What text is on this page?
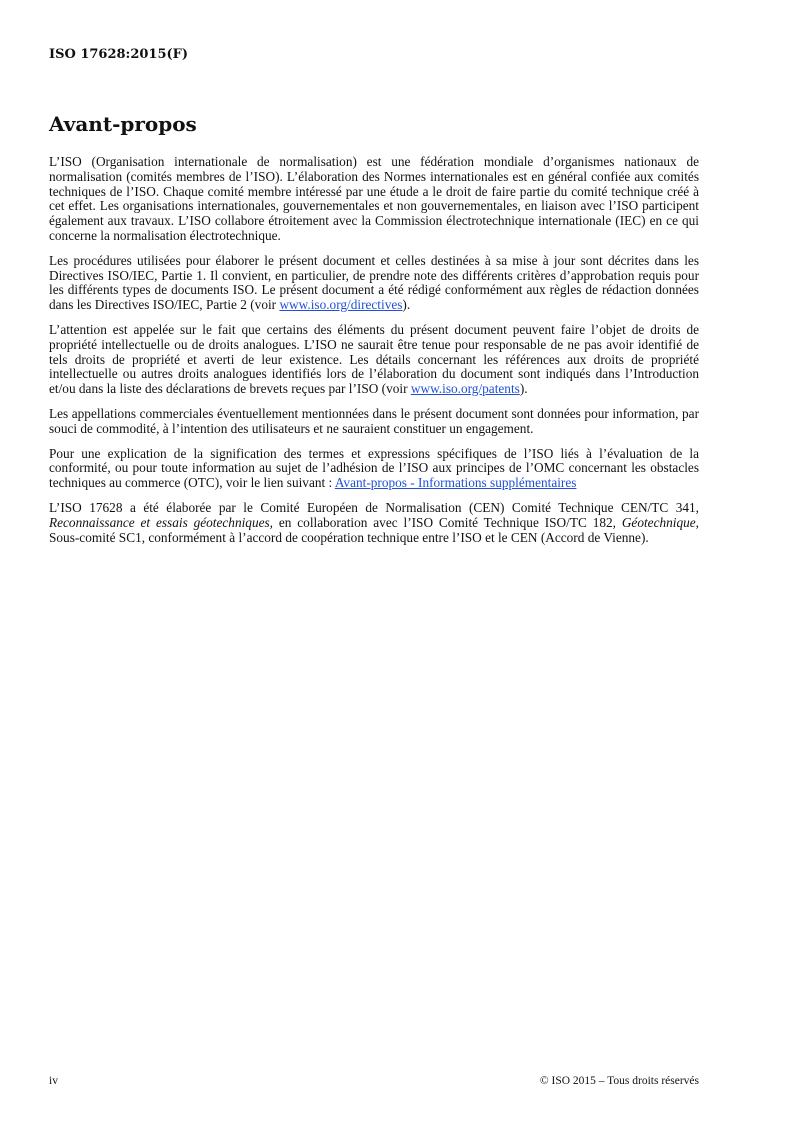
ISO 17628:2015(F)
Avant-propos

L’ISO (Organisation internationale de normalisation) est une fédération mondiale d’organismes nationaux de normalisation (comités membres de l’ISO). L’élaboration des Normes internationales est en général confiée aux comités techniques de l’ISO. Chaque comité membre intéressé par une étude a le droit de faire partie du comité technique créé à cet effet. Les organisations internationales, gouvernementales et non gouvernementales, en liaison avec l’ISO participent également aux travaux. L’ISO collabore étroitement avec la Commission électrotechnique internationale (IEC) en ce qui concerne la normalisation électrotechnique.

Les procédures utilisées pour élaborer le présent document et celles destinées à sa mise à jour sont décrites dans les Directives ISO/IEC, Partie 1. Il convient, en particulier, de prendre note des différents critères d’approbation requis pour les différents types de documents ISO. Le présent document a été rédigé conformément aux règles de rédaction données dans les Directives ISO/IEC, Partie 2 (voir www.iso.org/directives).

L’attention est appelée sur le fait que certains des éléments du présent document peuvent faire l’objet de droits de propriété intellectuelle ou de droits analogues. L’ISO ne saurait être tenue pour responsable de ne pas avoir identifié de tels droits de propriété et averti de leur existence. Les détails concernant les références aux droits de propriété intellectuelle ou autres droits analogues identifiés lors de l’élaboration du document sont indiqués dans l’Introduction et/ou dans la liste des déclarations de brevets reçues par l’ISO (voir www.iso.org/patents).

Les appellations commerciales éventuellement mentionnées dans le présent document sont données pour information, par souci de commodité, à l’intention des utilisateurs et ne sauraient constituer un engagement.

Pour une explication de la signification des termes et expressions spécifiques de l’ISO liés à l’évaluation de la conformité, ou pour toute information au sujet de l’adhésion de l’ISO aux principes de l’OMC concernant les obstacles techniques au commerce (OTC), voir le lien suivant : Avant-propos - Informations supplémentaires

L’ISO 17628 a été élaborée par le Comité Européen de Normalisation (CEN) Comité Technique CEN/TC 341, Reconnaissance et essais géotechniques, en collaboration avec l’ISO Comité Technique ISO/TC 182, Géotechnique, Sous-comité SC1, conformément à l’accord de coopération technique entre l’ISO et le CEN (Accord de Vienne).

iv	© ISO 2015 – Tous droits réservés
